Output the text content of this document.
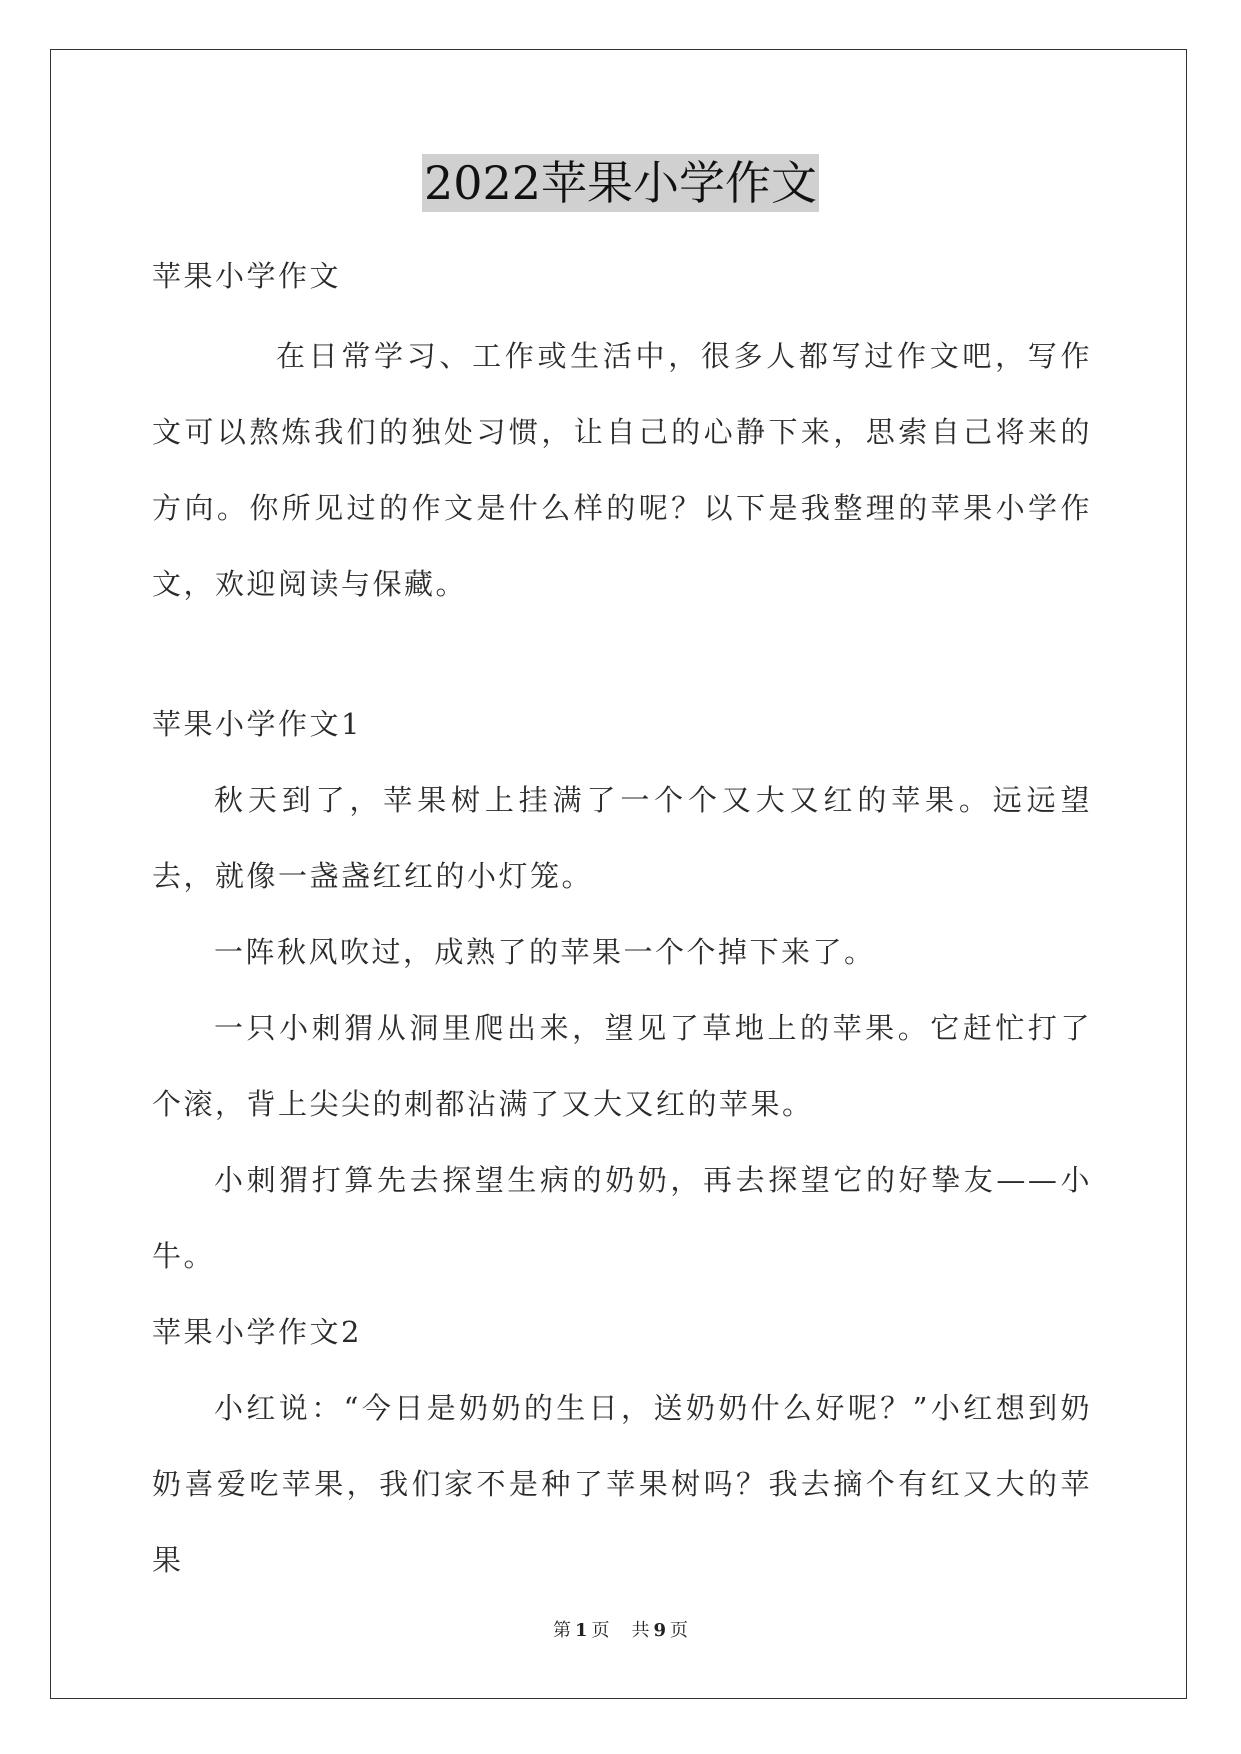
2022苹果小学作文

苹果小学作文

在日常学习、工作或生活中，很多人都写过作文吧，写作文可以熬炼我们的独处习惯，让自己的心静下来，思索自己将来的方向。你所见过的作文是什么样的呢？以下是我整理的苹果小学作文，欢迎阅读与保藏。

苹果小学作文1

秋天到了，苹果树上挂满了一个个又大又红的苹果。远远望去，就像一盏盏红红的小灯笼。

一阵秋风吹过，成熟了的苹果一个个掉下来了。

一只小刺猬从洞里爬出来，望见了草地上的苹果。它赶忙打了个滚，背上尖尖的刺都沾满了又大又红的苹果。

小刺猬打算先去探望生病的奶奶，再去探望它的好挚友——小牛。

苹果小学作文2

小红说：“今日是奶奶的生日，送奶奶什么好呢？”小红想到奶奶喜爱吃苹果，我们家不是种了苹果树吗？我去摘个有红又大的苹果

第 1 页 共 9 页
